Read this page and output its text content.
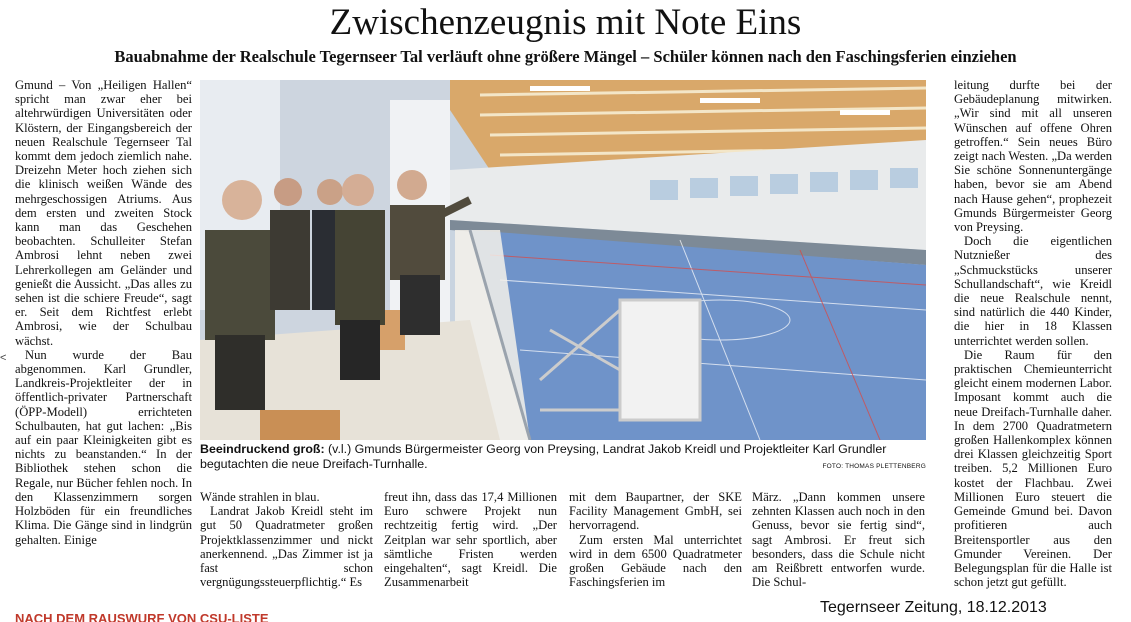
Zwischenzeugnis mit Note Eins
Bauabnahme der Realschule Tegernseer Tal verläuft ohne größere Mängel – Schüler können nach den Faschingsferien einziehen

Gmund – Von „Heiligen Hallen“ spricht man zwar eher bei altehrwürdigen Universitäten oder Klöstern, der Eingangsbereich der neuen Realschule Tegernseer Tal kommt dem jedoch ziemlich nahe. Dreizehn Meter hoch ziehen sich die klinisch weißen Wände des mehrgeschossigen Atriums. Aus dem ersten und zweiten Stock kann man das Geschehen beobachten. Schulleiter Stefan Ambrosi lehnt neben zwei Lehrerkollegen am Geländer und genießt die Aussicht. „Das alles zu sehen ist die schiere Freude“, sagt er. Seit dem Richtfest erlebt Ambrosi, wie der Schulbau wächst.

Nun wurde der Bau abgenommen. Karl Grundler, Landkreis-Projektleiter der in öffentlich-privater Partnerschaft (ÖPP-Modell) errichteten Schulbauten, hat gut lachen: „Bis auf ein paar Kleinigkeiten gibt es nichts zu beanstanden.“ In der Bibliothek stehen schon die Regale, nur Bücher fehlen noch. In den Klassenzimmern sorgen Holzböden für ein freundliches Klima. Die Gänge sind in lindgrün gehalten. Einige

Beeindruckend groß: (v.l.) Gmunds Bürgermeister Georg von Preysing, Landrat Jakob Kreidl und Projektleiter Karl Grundler begutachten die neue Dreifach-Turnhalle.	FOTO: THOMAS PLETTENBERG

Wände strahlen in blau.

Landrat Jakob Kreidl steht im gut 50 Quadratmeter großen Projektklassenzimmer und nickt anerkennend. „Das Zimmer ist ja fast schon vergnügungssteuerpflichtig.“ Es

freut ihn, dass das 17,4 Millionen Euro schwere Projekt nun rechtzeitig fertig wird. „Der Zeitplan war sehr sportlich, aber sämtliche Fristen werden eingehalten“, sagt Kreidl. Die Zusammenarbeit

mit dem Baupartner, der SKE Facility Management GmbH, sei hervorragend.

Zum ersten Mal unterrichtet wird in dem 6500 Quadratmeter großen Gebäude nach den Faschingsferien im

März. „Dann kommen unsere zehnten Klassen auch noch in den Genuss, bevor sie fertig sind“, sagt Ambrosi. Er freut sich besonders, dass die Schule nicht am Reißbrett entworfen wurde. Die Schul-

leitung durfte bei der Gebäudeplanung mitwirken. „Wir sind mit all unseren Wünschen auf offene Ohren getroffen.“ Sein neues Büro zeigt nach Westen. „Da werden Sie schöne Sonnenuntergänge haben, bevor sie am Abend nach Hause gehen“, prophezeit Gmunds Bürgermeister Georg von Preysing.

Doch die eigentlichen Nutznießer des „Schmuckstücks unserer Schullandschaft“, wie Kreidl die neue Realschule nennt, sind natürlich die 440 Kinder, die hier in 18 Klassen unterrichtet werden sollen.

Die Raum für den praktischen Chemieunterricht gleicht einem modernen Labor. Imposant kommt auch die neue Dreifach-Turnhalle daher. In dem 2700 Quadratmetern großen Hallenkomplex können drei Klassen gleichzeitig Sport treiben. 5,2 Millionen Euro kostet der Flachbau. Zwei Millionen Euro steuert die Gemeinde Gmund bei. Davon profitieren auch Breitensportler aus den Gmunder Vereinen. Der Belegungsplan für die Halle ist schon jetzt gut gefüllt.

<
NACH DEM RAUSWURF VON CSU-LISTE
Tegernseer Zeitung, 18.12.2013
